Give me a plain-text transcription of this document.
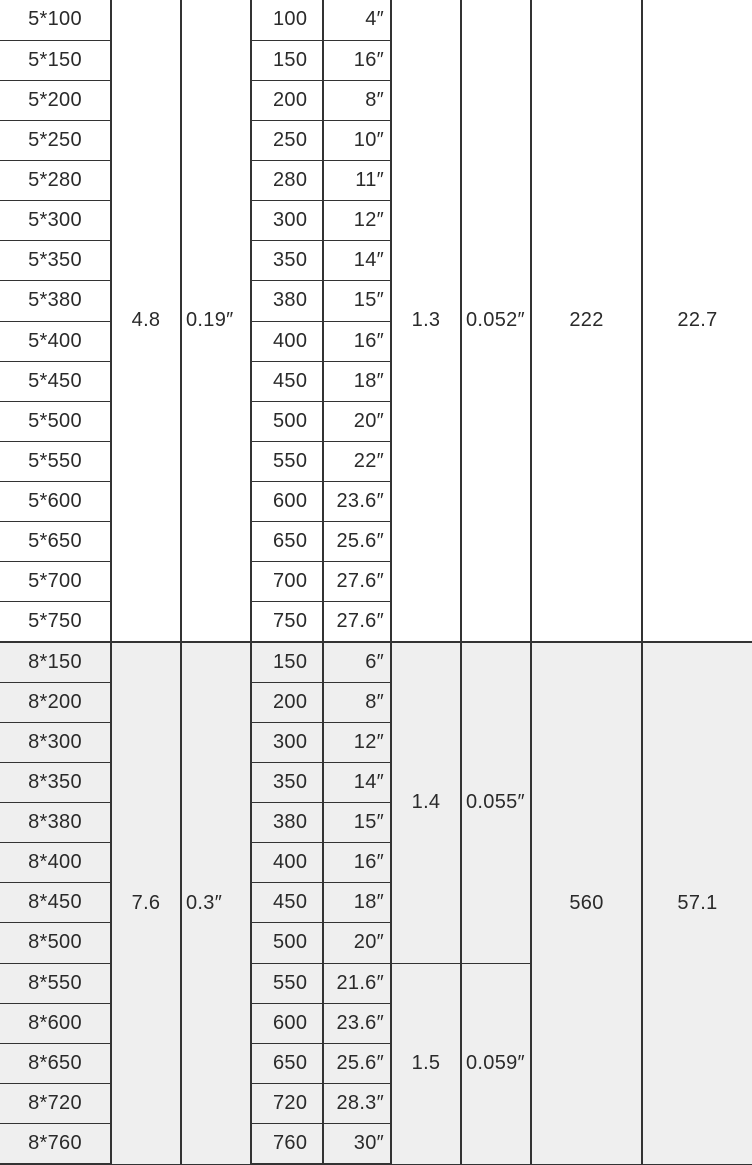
5*100	4.8	0.19″	100	4″	1.3	0.052″	222	22.7
5*150			150	16″				
5*200			200	8″				
5*250			250	10″				
5*280			280	11″				
5*300			300	12″				
5*350			350	14″				
5*380			380	15″				
5*400			400	16″				
5*450			450	18″				
5*500			500	20″				
5*550			550	22″				
5*600			600	23.6″				
5*650			650	25.6″				
5*700			700	27.6″				
5*750			750	27.6″				
8*150	7.6	0.3″	150	6″	1.4	0.055″	560	57.1
8*200			200	8″				
8*300			300	12″				
8*350			350	14″				
8*380			380	15″				
8*400			400	16″				
8*450			450	18″				
8*500			500	20″				
8*550			550	21.6″	1.5	0.059″		
8*600			600	23.6″				
8*650			650	25.6″				
8*720			720	28.3″				
8*760			760	30″				
